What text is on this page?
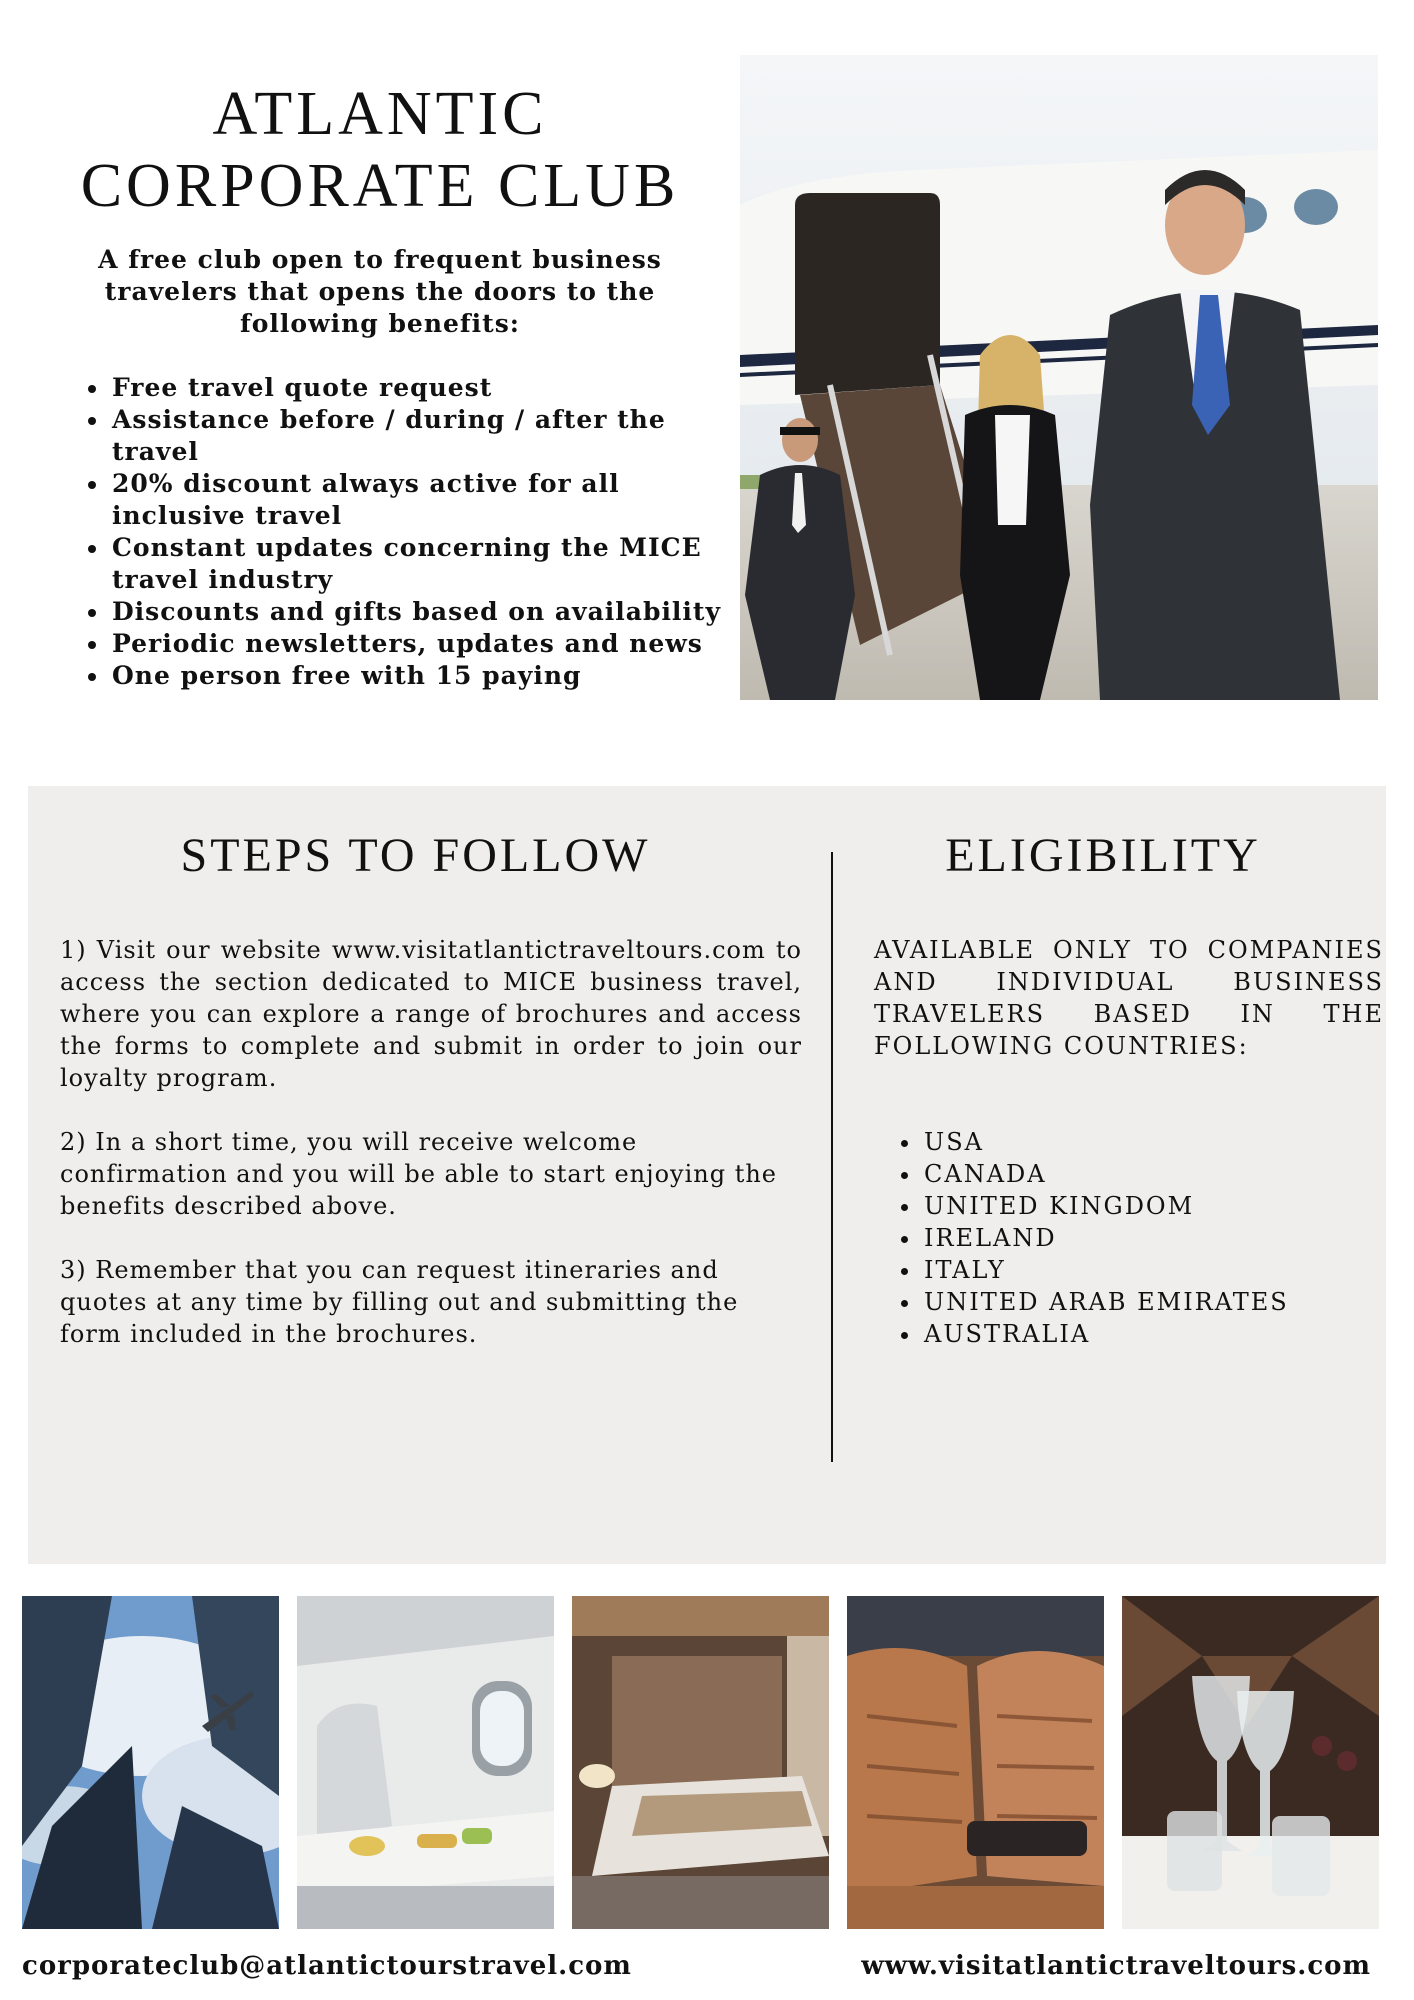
ATLANTIC
CORPORATE CLUB

A free club open to frequent business travelers that opens the doors to the following benefits:

• Free travel quote request
• Assistance before / during / after the travel
• 20% discount always active for all inclusive travel
• Constant updates concerning the MICE travel industry
• Discounts and gifts based on availability
• Periodic newsletters, updates and news
• One person free with 15 paying
STEPS TO FOLLOW	ELIGIBILITY

1) Visit our website www.visitatlantictraveltours.com to access the section dedicated to MICE business travel, where you can explore a range of brochures and access the forms to complete and submit in order to join our loyalty program.

2) In a short time, you will receive welcome confirmation and you will be able to start enjoying the benefits described above.

3) Remember that you can request itineraries and quotes at any time by filling out and submitting the form included in the brochures.

AVAILABLE ONLY TO COMPANIES AND INDIVIDUAL BUSINESS TRAVELERS BASED IN THE FOLLOWING COUNTRIES:

• USA
• CANADA
• UNITED KINGDOM
• IRELAND
• ITALY
• UNITED ARAB EMIRATES
• AUSTRALIA
corporateclub@atlantictourstravel.com	www.visitatlantictraveltours.com
